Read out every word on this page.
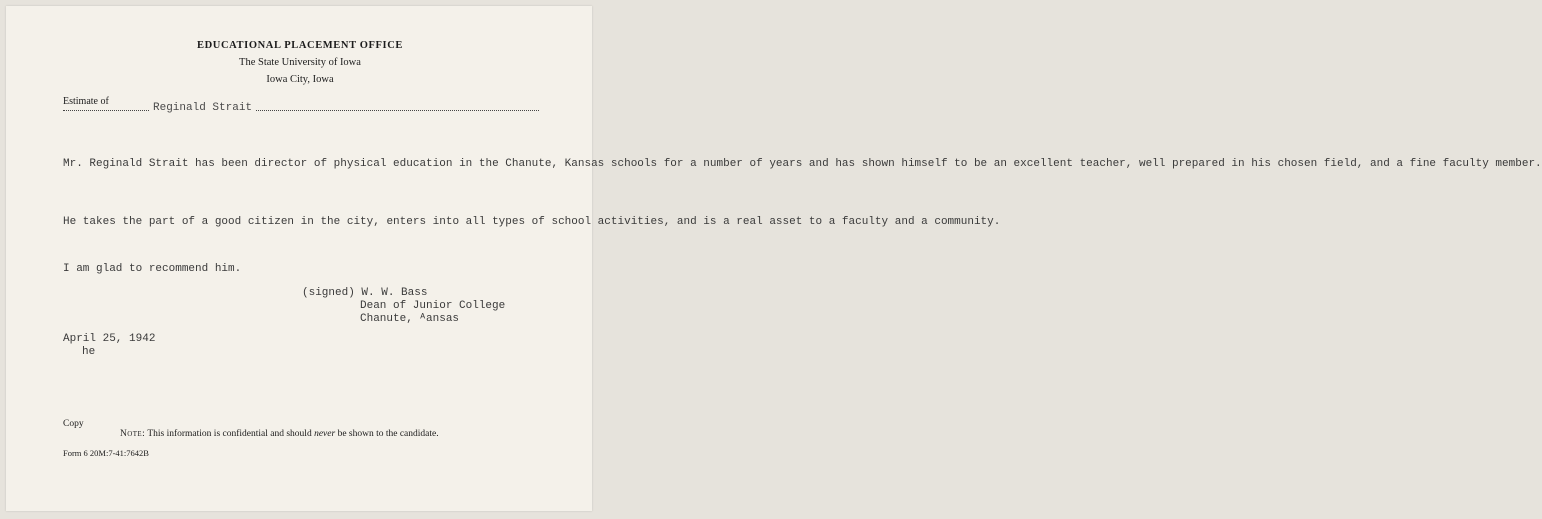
EDUCATIONAL PLACEMENT OFFICE
The State University of Iowa
Iowa City, Iowa
Estimate of
Reginald Strait
Mr. Reginald Strait has been director of physical education in the Chanute, Kansas schools for a number of years and has shown himself to be an excellent teacher, well prepared in his chosen field, and a fine faculty member.
He takes the part of a good citizen in the city, enters into all types of school activities, and is a real asset to a faculty and a community.
I am glad to recommend him.
(signed) W. W. Bass
Dean of Junior College
Chanute, ᴬansas
April 25, 1942
he
Copy
Note: This information is confidential and should never be shown to the candidate.
Form 6 20M:7-41:7642B
